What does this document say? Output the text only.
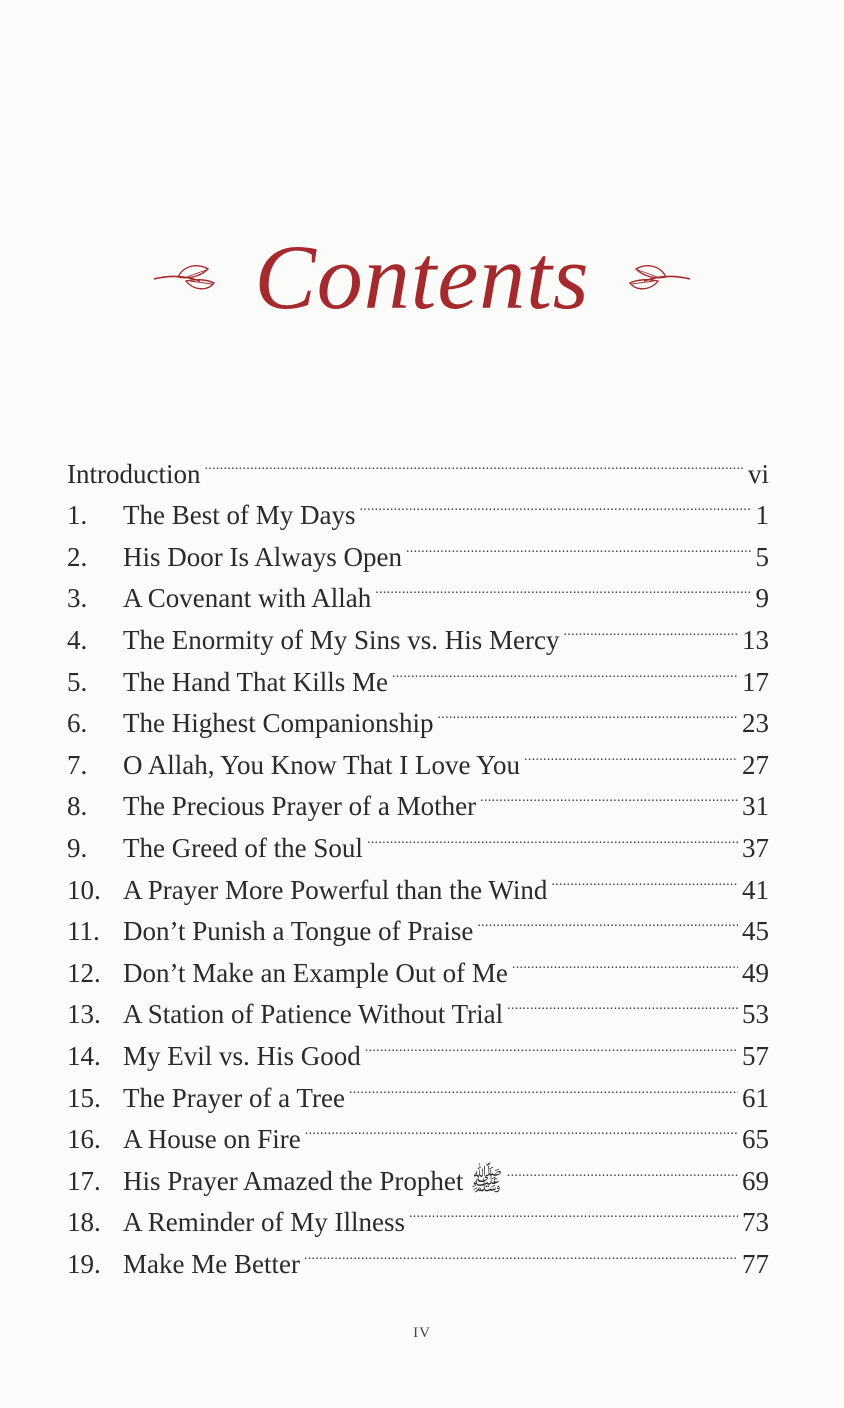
Contents
Introduction . . .	vi
1.	The Best of My Days . . .	1
2.	His Door Is Always Open . . .	5
3.	A Covenant with Allah . . .	9
4.	The Enormity of My Sins vs. His Mercy . . .	13
5.	The Hand That Kills Me . . .	17
6.	The Highest Companionship . . .	23
7.	O Allah, You Know That I Love You . . .	27
8.	The Precious Prayer of a Mother . . .	31
9.	The Greed of the Soul . . .	37
10. A Prayer More Powerful than the Wind . . .	41
11. Don’t Punish a Tongue of Praise . . .	45
12. Don’t Make an Example Out of Me . . .	49
13. A Station of Patience Without Trial . . .	53
14. My Evil vs. His Good . . .	57
15. The Prayer of a Tree . . .	61
16. A House on Fire . . .	65
17. His Prayer Amazed the Prophet ﷺ . . .	69
18. A Reminder of My Illness . . .	73
19. Make Me Better . . .	77
IV
